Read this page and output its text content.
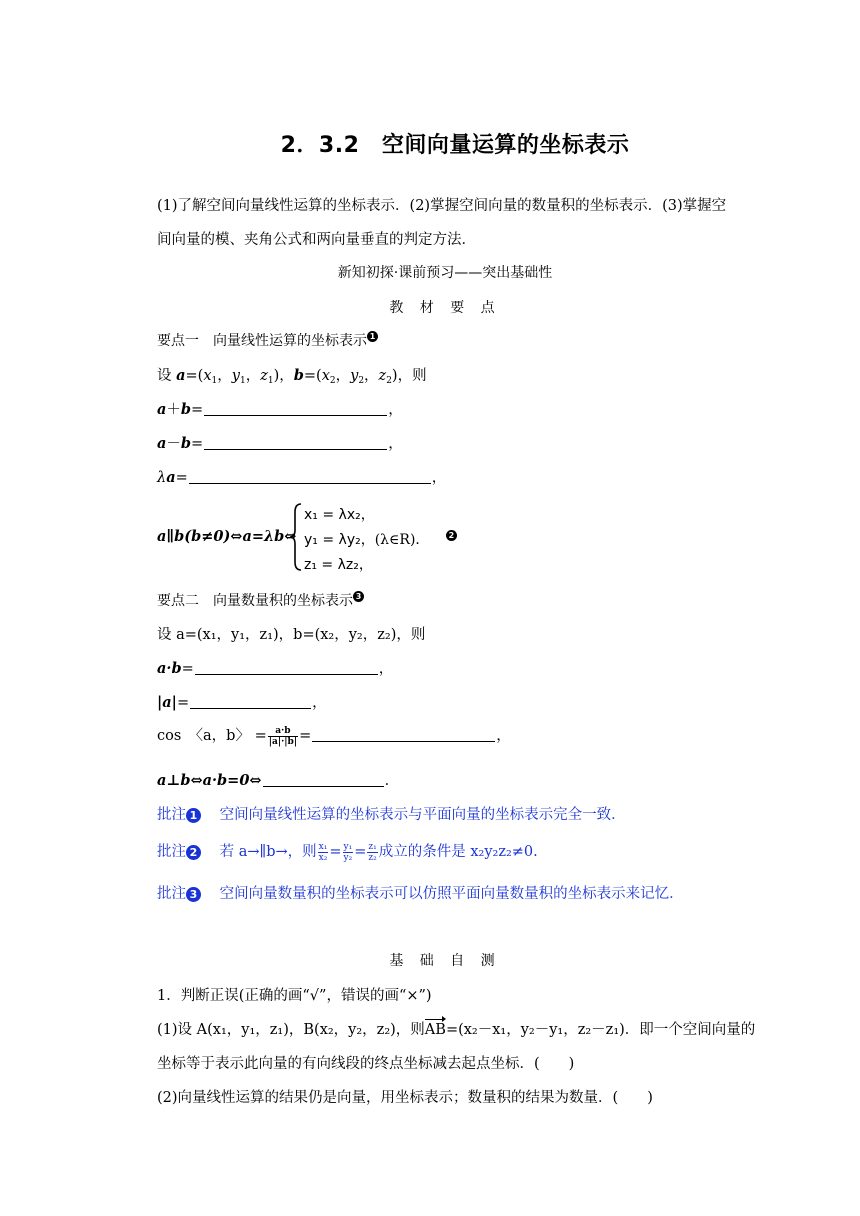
2．3.2　空间向量运算的坐标表示
(1)了解空间向量线性运算的坐标表示．(2)掌握空间向量的数量积的坐标表示．(3)掌握空
间向量的模、夹角公式和两向量垂直的判定方法．
新知初探·课前预习——突出基础性
教 材 要 点
要点一　向量线性运算的坐标表示 1
设 $a=(x_1$，$y_1$，$z_1$)，$b=(x_2$，$y_2$，$z_2$)，则
a＋b=	，
a－b=	，
λa=	，
a∥b(b≠0)⇔a=λb⇔
x₁ = λx₂，
y₁ = λy₂，(λ∈R)． 2
z₁ = λz₂，
要点二　向量数量积的坐标表示 3
设 a=(x₁，y₁，z₁)，b=(x₂，y₂，z₂)，则
a·b=	，
|a|=	，
cos　〈a，b〉 = $\frac{a\cdot b}{|a|\cdot|b|}$ =	，
a⊥b⇔a·b=0⇔	．
批注 1 空间向量线性运算的坐标表示与平面向量的坐标表示完全一致．
批注 2 若 a→∥b→，则 $\frac{\text{x₁}}{\text{x₂}} = \frac{\text{y₁}}{\text{y₂}} = \frac{\text{z₁}}{\text{z₂}}$ 成立的条件是 x₂y₂z₂≠0.
批注 3 空间向量数量积的坐标表示可以仿照平面向量数量积的坐标表示来记忆．
基 础 自 测
1．判断正误(正确的画“√”，错误的画“×”)
(1)设 A(x₁，y₁，z₁)，B(x₂，y₂，z₂)，则AB=(x₂－x₁，y₂－y₁，z₂－z₁)．即一个空间向量的
坐标等于表示此向量的有向线段的终点坐标减去起点坐标．(　　)
(2)向量线性运算的结果仍是向量，用坐标表示；数量积的结果为数量．(　　)
